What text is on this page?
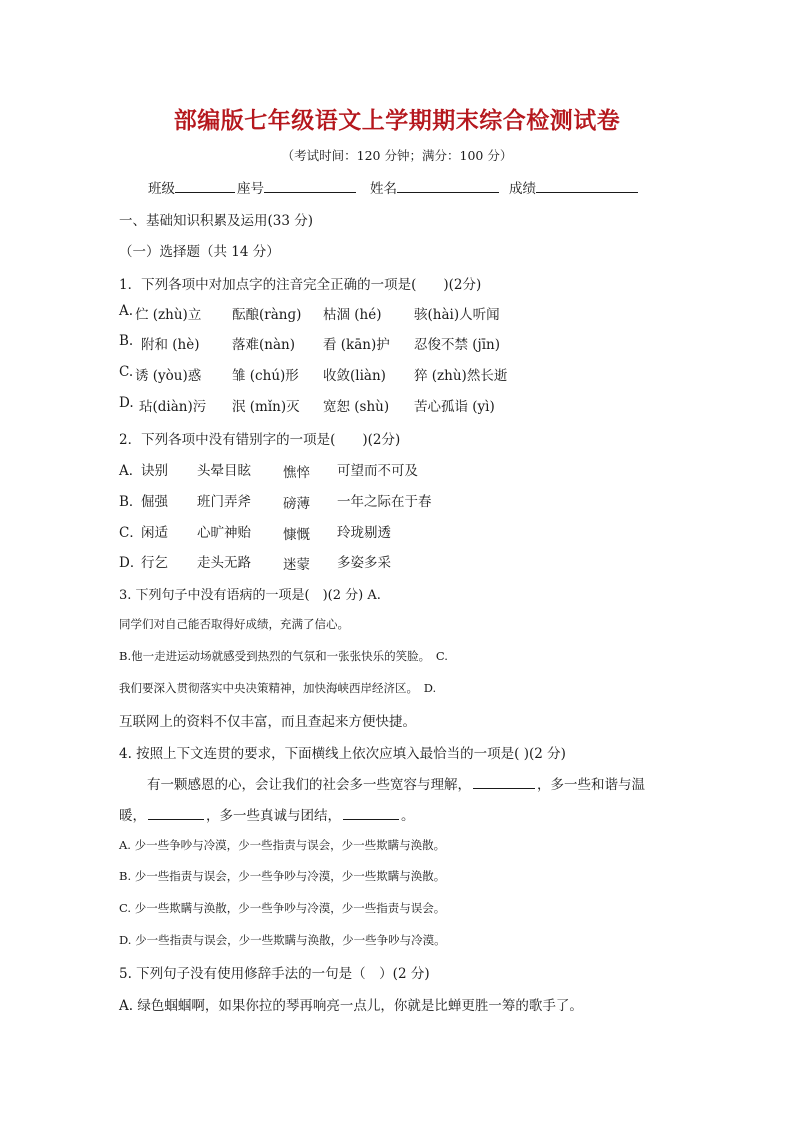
部编版七年级语文上学期期末综合检测试卷
（考试时间：120 分钟；满分：100 分）
班级	座号	姓名	成绩
一、基础知识积累及运用(33 分)
（一）选择题（共 14 分）
1．下列各项中对加点字的注音完全正确的一项是(　　)(2分)
A. 伫 (zhù)立 酝酿(rànɡ) 枯涸 (hé) 骇(hài)人听闻
B. 附和 (hè) 落难(nàn) 看 (kān)护 忍俊不禁 (jīn)
C. 诱 (yòu)惑 雏 (chú)形 收敛(liàn) 猝 (zhù)然长逝
D. 玷(diàn)污 泯 (mǐn)灭 宽恕 (shù) 苦心孤诣 (yì)
2．下列各项中没有错别字的一项是(　　)(2分)
A．
诀别 头晕目眩 憔悴 可望而不可及
B．
倔强 班门弄斧 磅薄 一年之际在于春
C．
闲适 心旷神贻 慷慨 玲珑剔透
D．
行乞 走头无路 迷蒙 多姿多采
3. 下列句子中没有语病的一项是(　)(2 分) A.
同学们对自己能否取得好成绩，充满了信心。
B.他一走进运动场就感受到热烈的气氛和一张张快乐的笑脸。　C.
我们要深入贯彻落实中央决策精神，加快海峡西岸经济区。　D.
互联网上的资料不仅丰富，而且查起来方便快捷。
4. 按照上下文连贯的要求，下面横线上依次应填入最恰当的一项是( )(2 分)
有一颗感恩的心，会让我们的社会多一些宽容与理解，	，多一些和谐与温
暖，	，多一些真诚与团结，	。
A. 少一些争吵与冷漠，少一些指责与误会，少一些欺瞒与涣散。
B. 少一些指责与误会，少一些争吵与冷漠，少一些欺瞒与涣散。
C. 少一些欺瞒与涣散，少一些争吵与冷漠，少一些指责与误会。
D. 少一些指责与误会，少一些欺瞒与涣散，少一些争吵与冷漠。
5. 下列句子没有使用修辞手法的一句是（　）(2 分)
A. 绿色蝈蝈啊，如果你拉的琴再响亮一点儿，你就是比蝉更胜一筹的歌手了。
